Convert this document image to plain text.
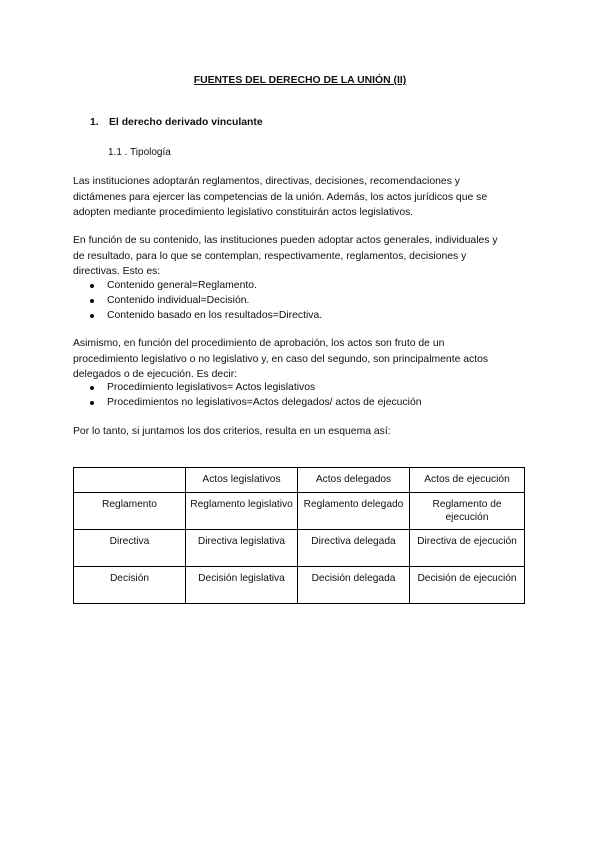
FUENTES DEL DERECHO DE LA UNIÓN (II)
1. El derecho derivado vinculante
1.1 . Tipología

Las instituciones adoptarán reglamentos, directivas, decisiones, recomendaciones y
dictámenes para ejercer las competencias de la unión. Además, los actos jurídicos que se
adopten mediante procedimiento legislativo constituirán actos legislativos.

En función de su contenido, las instituciones pueden adoptar actos generales, individuales y
de resultado, para lo que se contemplan, respectivamente, reglamentos, decisiones y
directivas. Esto es:

Contenido general=Reglamento.
Contenido individual=Decisión.
Contenido basado en los resultados=Directiva.

Asimismo, en función del procedimiento de aprobación, los actos son fruto de un
procedimiento legislativo o no legislativo y, en caso del segundo, son principalmente actos
delegados o de ejecución. Es decir:

Procedimiento legislativos= Actos legislativos
Procedimientos no legislativos=Actos delegados/ actos de ejecución

Por lo tanto, si juntamos los dos criterios, resulta en un esquema así:

	Actos legislativos	Actos delegados	Actos de ejecución
Reglamento	Reglamento legislativo	Reglamento delegado	Reglamento de ejecución
Directiva	Directiva legislativa	Directiva delegada	Directiva de ejecución
Decisión	Decisión legislativa	Decisión delegada	Decisión de ejecución
